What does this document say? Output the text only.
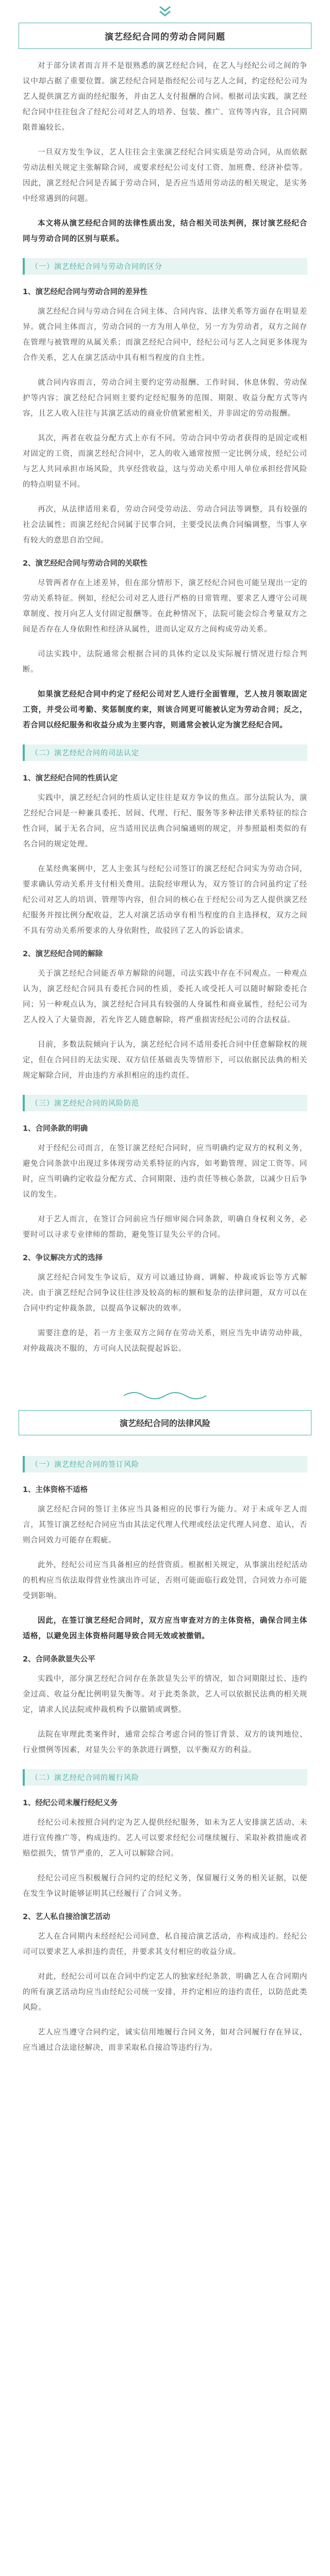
演艺经纪合同的劳动合同问题

对于部分读者而言并不是很熟悉的演艺经纪合同，在艺人与经纪公司之间的争议中却占据了重要位置。演艺经纪合同是指经纪公司与艺人之间，约定经纪公司为艺人提供演艺方面的经纪服务，并由艺人支付报酬的合同。根据司法实践，演艺经纪合同中往往包含了经纪公司对艺人的培养、包装、推广、宣传等内容，且合同期限普遍较长。

一旦双方发生争议，艺人往往会主张演艺经纪合同实质是劳动合同，从而依据劳动法相关规定主张解除合同，或要求经纪公司支付工资、加班费、经济补偿等。因此，演艺经纪合同是否属于劳动合同，是否应当适用劳动法的相关规定，是实务中经常遇到的问题。

本文将从演艺经纪合同的法律性质出发，结合相关司法判例，探讨演艺经纪合同与劳动合同的区别与联系。

（一）演艺经纪合同与劳动合同的区分
1、演艺经纪合同与劳动合同的差异性

演艺经纪合同与劳动合同在合同主体、合同内容、法律关系等方面存在明显差异。就合同主体而言，劳动合同的一方为用人单位，另一方为劳动者，双方之间存在管理与被管理的从属关系；而演艺经纪合同中，经纪公司与艺人之间更多体现为合作关系，艺人在演艺活动中具有相当程度的自主性。

就合同内容而言，劳动合同主要约定劳动报酬、工作时间、休息休假、劳动保护等内容；演艺经纪合同则主要约定经纪服务的范围、期限、收益分配方式等内容，且艺人收入往往与其演艺活动的商业价值紧密相关，并非固定的劳动报酬。

其次，两者在收益分配方式上亦有不同。劳动合同中劳动者获得的是固定或相对固定的工资，而演艺经纪合同中，艺人的收入通常按照一定比例分成，经纪公司与艺人共同承担市场风险，共享经营收益，这与劳动关系中用人单位承担经营风险的特点明显不同。

再次，从法律适用来看，劳动合同受劳动法、劳动合同法等调整，具有较强的社会法属性；而演艺经纪合同属于民事合同，主要受民法典合同编调整，当事人享有较大的意思自治空间。

2、演艺经纪合同与劳动合同的关联性

尽管两者存在上述差异，但在部分情形下，演艺经纪合同也可能呈现出一定的劳动关系特征。例如，经纪公司对艺人进行严格的日常管理、要求艺人遵守公司规章制度、按月向艺人支付固定报酬等。在此种情况下，法院可能会综合考量双方之间是否存在人身依附性和经济从属性，进而认定双方之间构成劳动关系。

司法实践中，法院通常会根据合同的具体约定以及实际履行情况进行综合判断。

如果演艺经纪合同中约定了经纪公司对艺人进行全面管理，艺人按月领取固定工资，并受公司考勤、奖惩制度约束，则该合同更可能被认定为劳动合同；反之，若合同以经纪服务和收益分成为主要内容，则通常会被认定为演艺经纪合同。

（二）演艺经纪合同的司法认定
1、演艺经纪合同的性质认定

实践中，演艺经纪合同的性质认定往往是双方争议的焦点。部分法院认为，演艺经纪合同是一种兼具委托、居间、代理、行纪、服务等多种法律关系特征的综合性合同，属于无名合同，应当适用民法典合同编通则的规定，并参照最相类似的有名合同的规定处理。

在某经典案例中，艺人主张其与经纪公司签订的演艺经纪合同实为劳动合同，要求确认劳动关系并支付相关费用。法院经审理认为，双方签订的合同虽约定了经纪公司对艺人的培训、管理等内容，但合同的核心在于经纪公司为艺人提供演艺经纪服务并按比例分配收益，艺人对演艺活动享有相当程度的自主选择权，双方之间不具有劳动关系所要求的人身依附性，故驳回了艺人的诉讼请求。

2、演艺经纪合同的解除

关于演艺经纪合同能否单方解除的问题，司法实践中存在不同观点。一种观点认为，演艺经纪合同具有委托合同的性质，委托人或受托人可以随时解除委托合同；另一种观点认为，演艺经纪合同具有较强的人身属性和商业属性，经纪公司为艺人投入了大量资源，若允许艺人随意解除，将严重损害经纪公司的合法权益。

目前，多数法院倾向于认为，演艺经纪合同不适用委托合同中任意解除权的规定，但在合同目的无法实现、双方信任基础丧失等情形下，可以依据民法典的相关规定解除合同，并由违约方承担相应的违约责任。

（三）演艺经纪合同的风险防范
1、合同条款的明确

对于经纪公司而言，在签订演艺经纪合同时，应当明确约定双方的权利义务，避免合同条款中出现过多体现劳动关系特征的内容，如考勤管理、固定工资等。同时，应当明确约定收益分配方式、合同期限、违约责任等核心条款，以减少日后争议的发生。

对于艺人而言，在签订合同前应当仔细审阅合同条款，明确自身权利义务，必要时可以寻求专业律师的帮助，避免签订显失公平的合同。

2、争议解决方式的选择

演艺经纪合同发生争议后，双方可以通过协商、调解、仲裁或诉讼等方式解决。由于演艺经纪合同争议往往涉及较高的标的额和复杂的法律问题，双方可以在合同中约定仲裁条款，以提高争议解决的效率。

需要注意的是，若一方主张双方之间存在劳动关系，则应当先申请劳动仲裁，对仲裁裁决不服的，方可向人民法院提起诉讼。

演艺经纪合同的法律风险
（一）演艺经纪合同的签订风险
1、主体资格不适格

演艺经纪合同的签订主体应当具备相应的民事行为能力。对于未成年艺人而言，其签订演艺经纪合同应当由其法定代理人代理或经法定代理人同意、追认，否则合同效力可能存在瑕疵。

此外，经纪公司应当具备相应的经营资质。根据相关规定，从事演出经纪活动的机构应当依法取得营业性演出许可证，否则可能面临行政处罚，合同效力亦可能受到影响。

因此，在签订演艺经纪合同时，双方应当审查对方的主体资格，确保合同主体适格，以避免因主体资格问题导致合同无效或被撤销。

2、合同条款显失公平

实践中，部分演艺经纪合同存在条款显失公平的情况，如合同期限过长、违约金过高、收益分配比例明显失衡等。对于此类条款，艺人可以依据民法典的相关规定，请求人民法院或仲裁机构予以撤销或调整。

法院在审理此类案件时，通常会综合考虑合同的签订背景、双方的谈判地位、行业惯例等因素，对显失公平的条款进行调整，以平衡双方的利益。

（二）演艺经纪合同的履行风险
1、经纪公司未履行经纪义务

经纪公司未按照合同约定为艺人提供经纪服务，如未为艺人安排演艺活动、未进行宣传推广等，构成违约。艺人可以要求经纪公司继续履行、采取补救措施或者赔偿损失，情节严重的，艺人可以解除合同。

经纪公司应当积极履行合同约定的经纪义务，保留履行义务的相关证据，以便在发生争议时能够证明其已经履行了合同义务。

2、艺人私自接洽演艺活动

艺人在合同期内未经经纪公司同意，私自接洽演艺活动，亦构成违约。经纪公司可以要求艺人承担违约责任，并要求其支付相应的收益分成。

对此，经纪公司可以在合同中约定艺人的独家经纪条款，明确艺人在合同期内的所有演艺活动均应当由经纪公司统一安排，并约定相应的违约责任，以防范此类风险。

艺人应当遵守合同约定，诚实信用地履行合同义务，如对合同履行存在异议，应当通过合法途径解决，而非采取私自接洽等违约行为。
